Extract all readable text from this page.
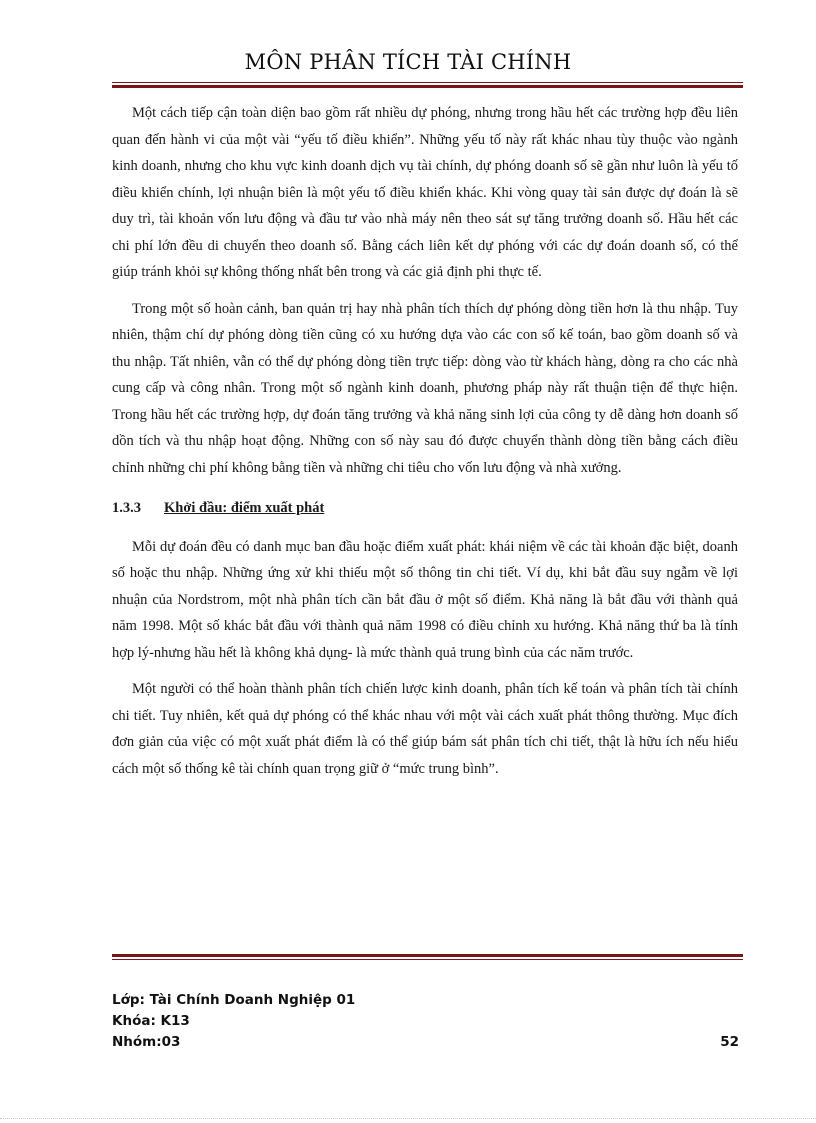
MÔN PHÂN TÍCH TÀI CHÍNH

Một cách tiếp cận toàn diện bao gồm rất nhiều dự phóng, nhưng trong hầu hết các trường hợp đều liên quan đến hành vi của một vài “yếu tố điều khiển”. Những yếu tố này rất khác nhau tùy thuộc vào ngành kinh doanh, nhưng cho khu vực kinh doanh dịch vụ tài chính, dự phóng doanh số sẽ gần như luôn là yếu tố điều khiển chính, lợi nhuận biên là một yếu tố điều khiển khác. Khi vòng quay tài sản được dự đoán là sẽ duy trì, tài khoản vốn lưu động và đầu tư vào nhà máy nên theo sát sự tăng trưởng doanh số. Hầu hết các chi phí lớn đều di chuyển theo doanh số. Bằng cách liên kết dự phóng với các dự đoán doanh số, có thể giúp tránh khỏi sự không thống nhất bên trong và các giả định phi thực tế.

Trong một số hoàn cảnh, ban quản trị hay nhà phân tích thích dự phóng dòng tiền hơn là thu nhập. Tuy nhiên, thậm chí dự phóng dòng tiền cũng có xu hướng dựa vào các con số kế toán, bao gồm doanh số và thu nhập. Tất nhiên, vẫn có thể dự phóng dòng tiền trực tiếp: dòng vào từ khách hàng, dòng ra cho các nhà cung cấp và công nhân. Trong một số ngành kinh doanh, phương pháp này rất thuận tiện để thực hiện. Trong hầu hết các trường hợp, dự đoán tăng trưởng và khả năng sinh lợi của công ty dễ dàng hơn doanh số dồn tích và thu nhập hoạt động. Những con số này sau đó được chuyển thành dòng tiền bằng cách điều chỉnh những chi phí không bằng tiền và những chi tiêu cho vốn lưu động và nhà xưởng.

1.3.3 Khởi đầu: điểm xuất phát

Mỗi dự đoán đều có danh mục ban đầu hoặc điểm xuất phát: khái niệm về các tài khoản đặc biệt, doanh số hoặc thu nhập. Những ứng xử khi thiếu một số thông tin chi tiết. Ví dụ, khi bắt đầu suy ngẫm về lợi nhuận của Nordstrom, một nhà phân tích cần bắt đầu ở một số điểm. Khả năng là bắt đầu với thành quả năm 1998. Một số khác bắt đầu với thành quả năm 1998 có điều chỉnh xu hướng. Khả năng thứ ba là tính hợp lý-nhưng hầu hết là không khả dụng- là mức thành quả trung bình của các năm trước.

Một người có thể hoàn thành phân tích chiến lược kinh doanh, phân tích kế toán và phân tích tài chính chi tiết. Tuy nhiên, kết quả dự phóng có thể khác nhau với một vài cách xuất phát thông thường. Mục đích đơn giản của việc có một xuất phát điểm là có thể giúp bám sát phân tích chi tiết, thật là hữu ích nếu hiểu cách một số thống kê tài chính quan trọng giữ ở “mức trung bình”.

Lớp: Tài Chính Doanh Nghiệp 01
Khóa: K13
Nhóm:03	52
